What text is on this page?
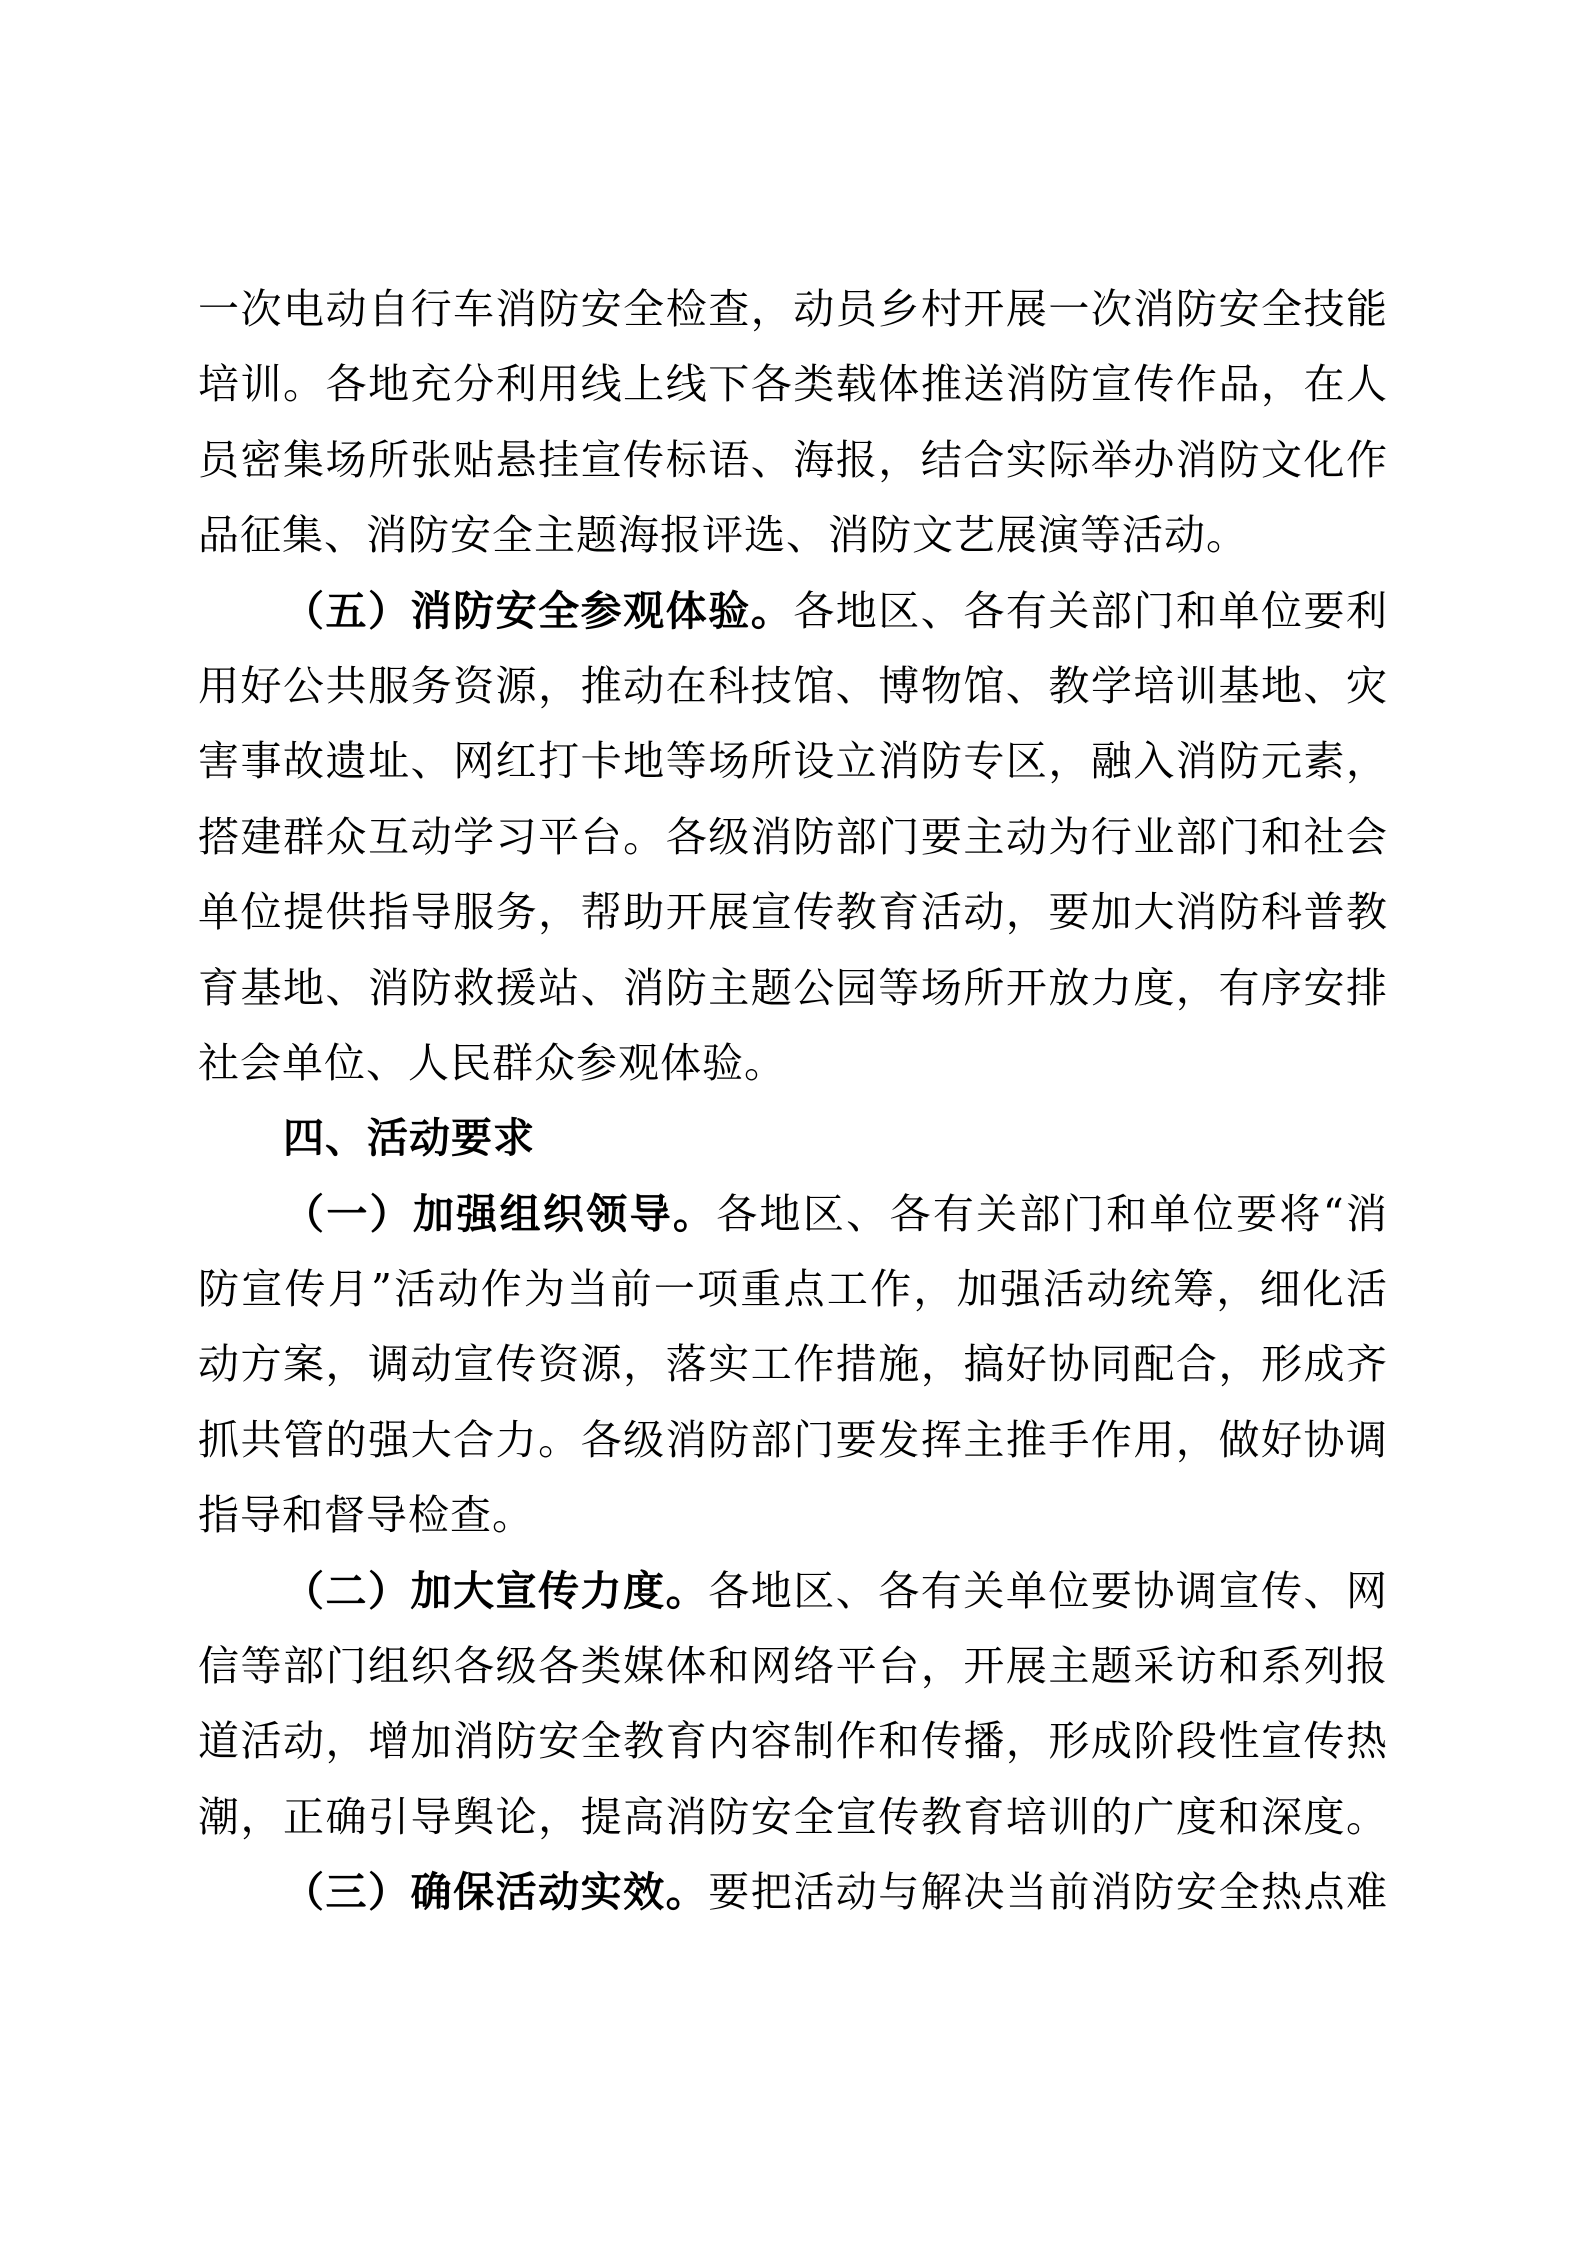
一次电动自行车消防安全检查，动员乡村开展一次消防安全技能
培训。各地充分利用线上线下各类载体推送消防宣传作品，在人
员密集场所张贴悬挂宣传标语、海报，结合实际举办消防文化作
品征集、消防安全主题海报评选、消防文艺展演等活动。
（五）消防安全参观体验。各地区、各有关部门和单位要利
用好公共服务资源，推动在科技馆、博物馆、教学培训基地、灾
害事故遗址、网红打卡地等场所设立消防专区，融入消防元素，
搭建群众互动学习平台。各级消防部门要主动为行业部门和社会
单位提供指导服务，帮助开展宣传教育活动，要加大消防科普教
育基地、消防救援站、消防主题公园等场所开放力度，有序安排
社会单位、人民群众参观体验。
四、活动要求
（一）加强组织领导。各地区、各有关部门和单位要将“消
防宣传月”活动作为当前一项重点工作，加强活动统筹，细化活
动方案，调动宣传资源，落实工作措施，搞好协同配合，形成齐
抓共管的强大合力。各级消防部门要发挥主推手作用，做好协调
指导和督导检查。
（二）加大宣传力度。各地区、各有关单位要协调宣传、网
信等部门组织各级各类媒体和网络平台，开展主题采访和系列报
道活动，增加消防安全教育内容制作和传播，形成阶段性宣传热
潮，正确引导舆论，提高消防安全宣传教育培训的广度和深度。
（三）确保活动实效。要把活动与解决当前消防安全热点难
